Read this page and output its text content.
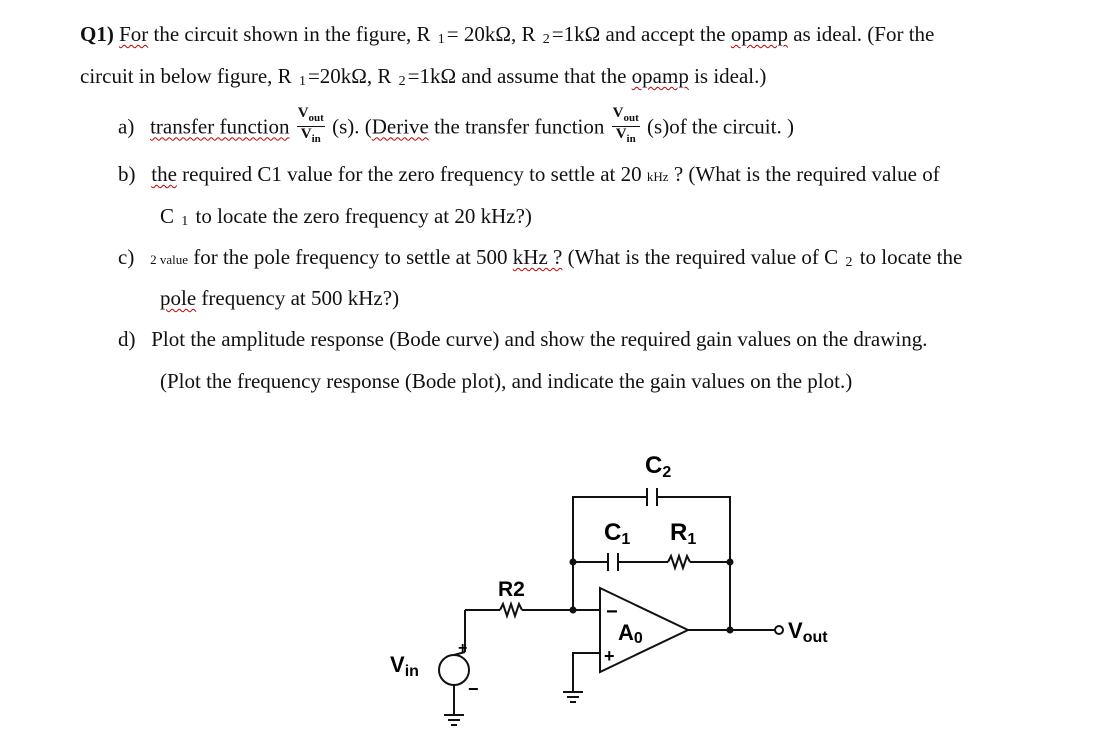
Q1) For the circuit shown in the figure, R 1= 20kΩ, R 2=1kΩ and accept the opamp as ideal. (For the
circuit in below figure, R 1=20kΩ, R 2=1kΩ and assume that the opamp is ideal.)
a) transfer function $\frac{V_{out}}{V_{in}} (s)$. (Derive the transfer function $\frac{V_{out}}{V_{in}} (s)of$ the circuit. )
b) the required C1 value for the zero frequency to settle at 20 kHz ? (What is the required value of
C 1 to locate the zero frequency at 20 kHz?)
c) 2 value for the pole frequency to settle at 500 kHz ? (What is the required value of C 2 to locate the
pole frequency at 500 kHz?)
d) Plot the amplitude response (Bode curve) and show the required gain values on the drawing.
(Plot the frequency response (Bode plot), and indicate the gain values on the plot.)
C2
C1 R1
R2
A0
−
+
Vout
Vin
+
−
